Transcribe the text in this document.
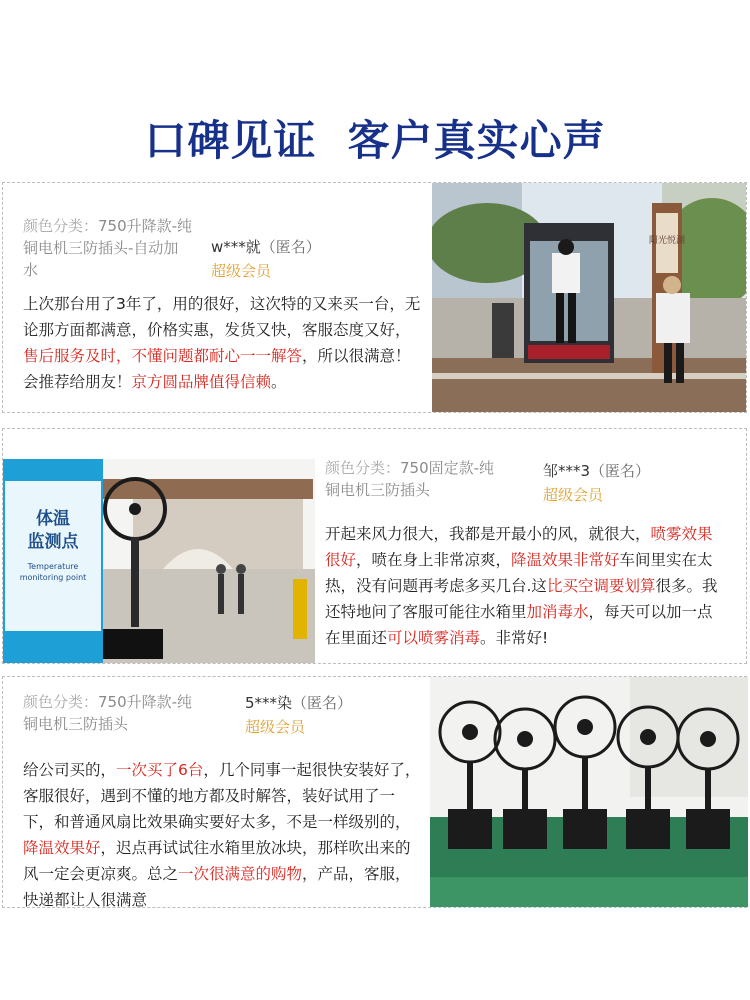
口碑见证  客户真实心声
颜色分类：750升降款-纯
铜电机三防插头-自动加
水
w***就（匿名）
超级会员
上次那台用了3年了，用的很好，这次特的又来买一台，无论那方面都满意，价格实惠，发货又快，客服态度又好，售后服务及时，不懂问题都耐心一一解答，所以很满意！会推荐给朋友！京方圆品牌值得信赖。
阳光悦湖
体温
监测点
Temperature
monitoring point
颜色分类：750固定款-纯
铜电机三防插头
邹***3（匿名）
超级会员
开起来风力很大，我都是开最小的风，就很大，喷雾效果很好，喷在身上非常凉爽，降温效果非常好车间里实在太热，没有问题再考虑多买几台.这比买空调要划算很多。我还特地问了客服可能往水箱里加消毒水，每天可以加一点在里面还可以喷雾消毒。非常好!
颜色分类：750升降款-纯
铜电机三防插头
5***染（匿名）
超级会员
给公司买的，一次买了6台，几个同事一起很快安装好了，客服很好，遇到不懂的地方都及时解答，装好试用了一下，和普通风扇比效果确实要好太多，不是一样级别的，降温效果好，迟点再试试往水箱里放冰块，那样吹出来的风一定会更凉爽。总之一次很满意的购物，产品，客服，快递都让人很满意
